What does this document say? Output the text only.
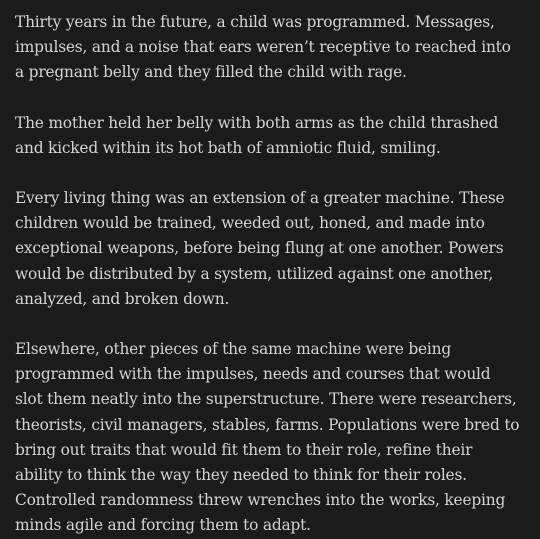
Thirty years in the future, a child was programmed. Messages, impulses, and a noise that ears weren’t receptive to reached into a pregnant belly and they filled the child with rage.

The mother held her belly with both arms as the child thrashed and kicked within its hot bath of amniotic fluid, smiling.

Every living thing was an extension of a greater machine. These children would be trained, weeded out, honed, and made into exceptional weapons, before being flung at one another. Powers would be distributed by a system, utilized against one another, analyzed, and broken down.

Elsewhere, other pieces of the same machine were being programmed with the impulses, needs and courses that would slot them neatly into the superstructure. There were researchers, theorists, civil managers, stables, farms. Populations were bred to bring out traits that would fit them to their role, refine their ability to think the way they needed to think for their roles. Controlled randomness threw wrenches into the works, keeping minds agile and forcing them to adapt.
